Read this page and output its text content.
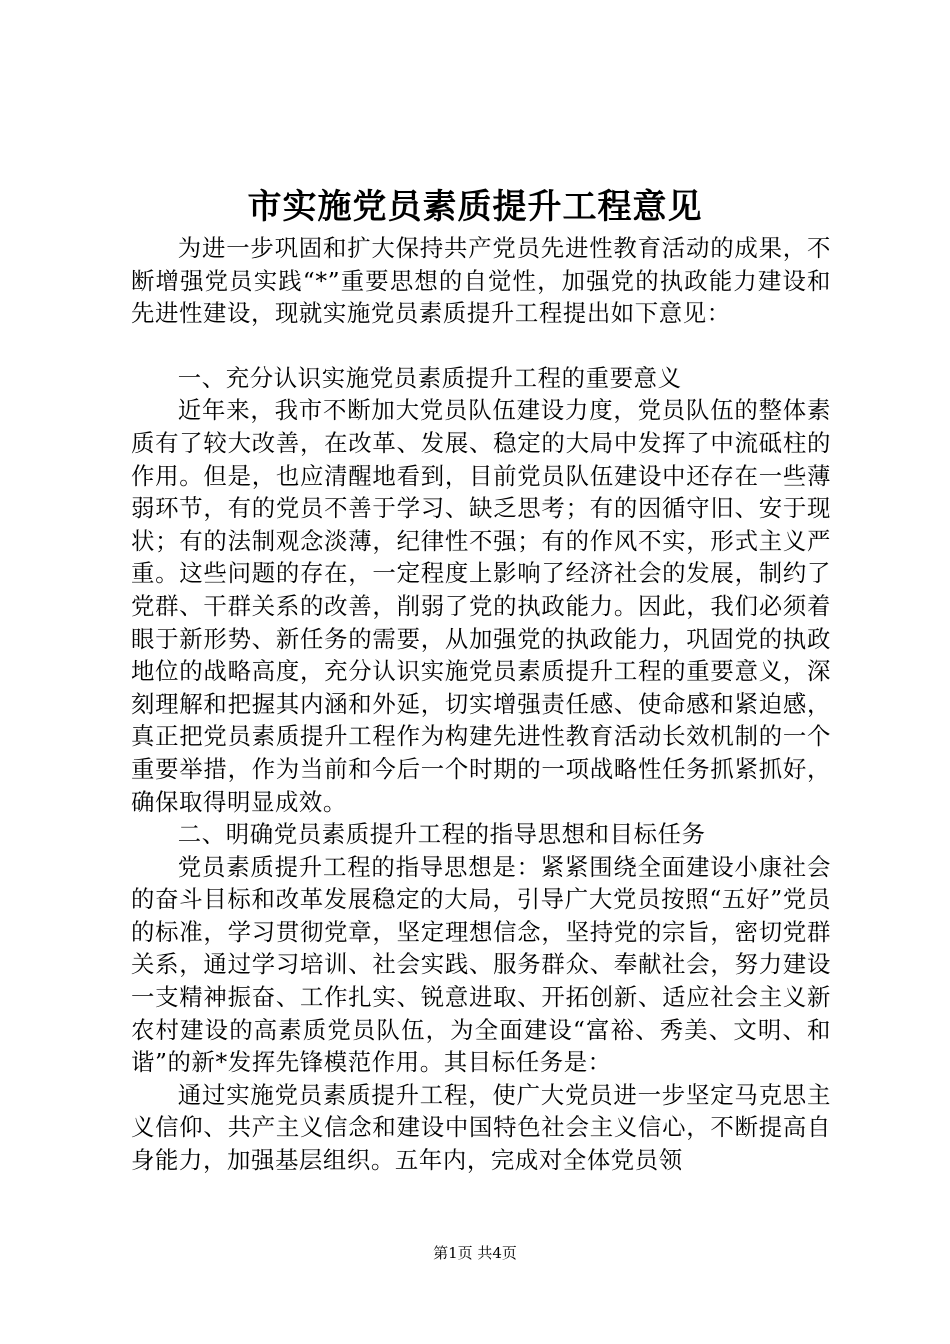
市实施党员素质提升工程意见

为进一步巩固和扩大保持共产党员先进性教育活动的成果，不断增强党员实践“*”重要思想的自觉性，加强党的执政能力建设和先进性建设，现就实施党员素质提升工程提出如下意见：

一、充分认识实施党员素质提升工程的重要意义

近年来，我市不断加大党员队伍建设力度，党员队伍的整体素质有了较大改善，在改革、发展、稳定的大局中发挥了中流砥柱的作用。但是，也应清醒地看到，目前党员队伍建设中还存在一些薄弱环节，有的党员不善于学习、缺乏思考；有的因循守旧、安于现状；有的法制观念淡薄，纪律性不强；有的作风不实，形式主义严重。这些问题的存在，一定程度上影响了经济社会的发展，制约了党群、干群关系的改善，削弱了党的执政能力。因此，我们必须着眼于新形势、新任务的需要，从加强党的执政能力，巩固党的执政地位的战略高度，充分认识实施党员素质提升工程的重要意义，深刻理解和把握其内涵和外延，切实增强责任感、使命感和紧迫感，真正把党员素质提升工程作为构建先进性教育活动长效机制的一个重要举措，作为当前和今后一个时期的一项战略性任务抓紧抓好，确保取得明显成效。

二、明确党员素质提升工程的指导思想和目标任务

党员素质提升工程的指导思想是：紧紧围绕全面建设小康社会的奋斗目标和改革发展稳定的大局，引导广大党员按照“五好”党员的标准，学习贯彻党章，坚定理想信念，坚持党的宗旨，密切党群关系，通过学习培训、社会实践、服务群众、奉献社会，努力建设一支精神振奋、工作扎实、锐意进取、开拓创新、适应社会主义新农村建设的高素质党员队伍，为全面建设“富裕、秀美、文明、和谐”的新*发挥先锋模范作用。其目标任务是：

通过实施党员素质提升工程，使广大党员进一步坚定马克思主义信仰、共产主义信念和建设中国特色社会主义信心，不断提高自身能力，加强基层组织。五年内，完成对全体党员领

第1页 共4页
